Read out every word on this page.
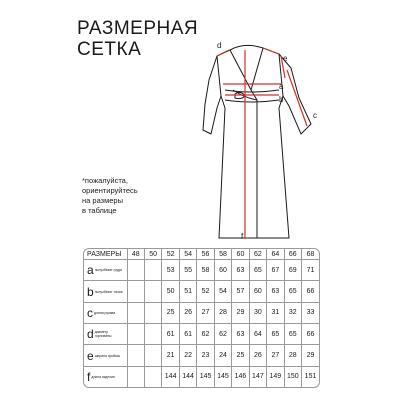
РАЗМЕРНАЯ
СЕТКА	d
e
a
b
c
f
*пожалуйста,
ориентируйтесь
на размеры
в таблице
РАЗМЕРЫ	48	50	52	54	56	58	60	62	64	66	68
aполуобхват груди			53	55	58	60	63	65	67	69	71
bполуобхват талии			50	51	52	54	57	60	63	65	66
cдлина рукава			25	26	27	28	29	30	31	32	33
dдиаметр горловины			61	61	62	62	63	64	65	65	66
eширина проймы			21	22	23	24	25	26	27	28	29
fдлина изделия			144	144	145	145	146	147	149	150	151
